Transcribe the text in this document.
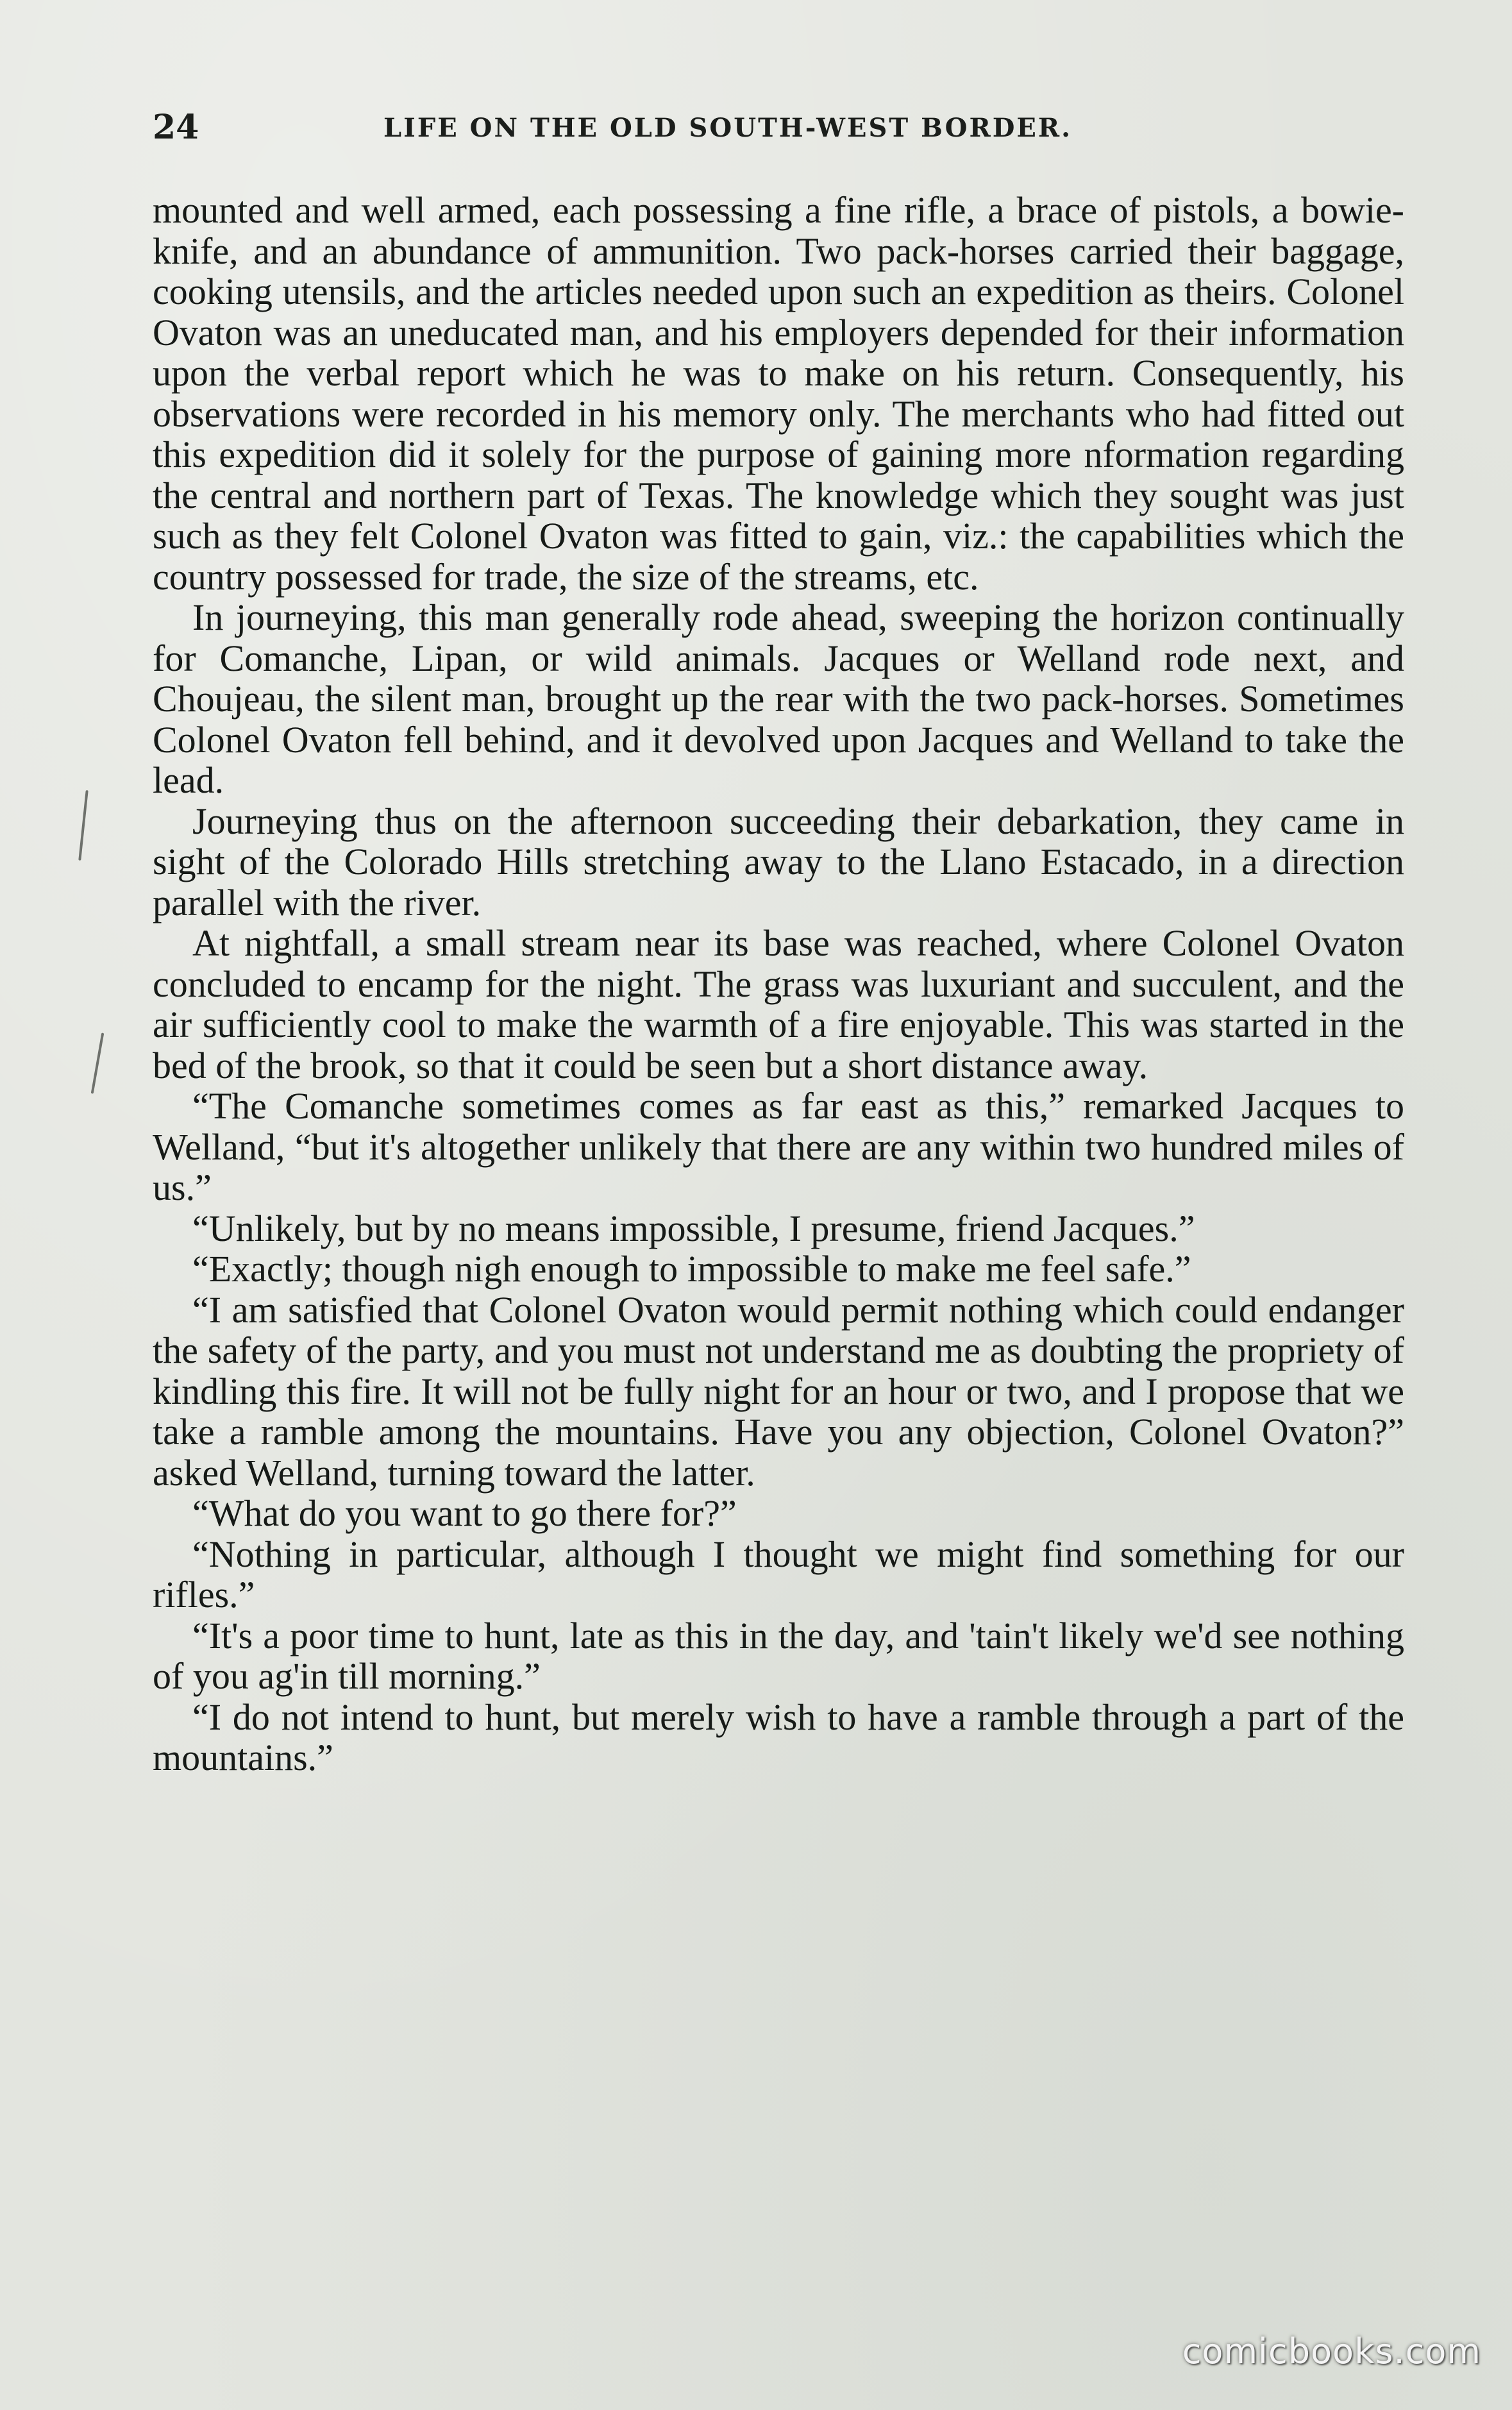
24	LIFE ON THE OLD SOUTH-WEST BORDER.

mounted and well armed, each possessing a fine rifle, a brace of pistols, a bowie-knife, and an abundance of ammunition. Two pack-horses carried their baggage, cooking utensils, and the articles needed upon such an expedition as theirs. Colonel Ovaton was an uneducated man, and his employers depended for their information upon the verbal report which he was to make on his return. Consequently, his observations were recorded in his memory only. The merchants who had fitted out this expedition did it solely for the purpose of gaining more nformation regarding the central and northern part of Texas. The knowledge which they sought was just such as they felt Colonel Ovaton was fitted to gain, viz.: the capabilities which the country possessed for trade, the size of the streams, etc.

In journeying, this man generally rode ahead, sweeping the horizon continually for Comanche, Lipan, or wild animals. Jacques or Welland rode next, and Choujeau, the silent man, brought up the rear with the two pack-horses. Sometimes Colonel Ovaton fell behind, and it devolved upon Jacques and Welland to take the lead.

Journeying thus on the afternoon succeeding their debarkation, they came in sight of the Colorado Hills stretching away to the Llano Estacado, in a direction parallel with the river.

At nightfall, a small stream near its base was reached, where Colonel Ovaton concluded to encamp for the night. The grass was luxuriant and succulent, and the air sufficiently cool to make the warmth of a fire enjoyable. This was started in the bed of the brook, so that it could be seen but a short distance away.

“The Comanche sometimes comes as far east as this,” remarked Jacques to Welland, “but it's altogether unlikely that there are any within two hundred miles of us.”

“Unlikely, but by no means impossible, I presume, friend Jacques.”

“Exactly; though nigh enough to impossible to make me feel safe.”

“I am satisfied that Colonel Ovaton would permit nothing which could endanger the safety of the party, and you must not understand me as doubting the propriety of kindling this fire. It will not be fully night for an hour or two, and I propose that we take a ramble among the mountains. Have you any objection, Colonel Ovaton?” asked Welland, turning toward the latter.

“What do you want to go there for?”

“Nothing in particular, although I thought we might find something for our rifles.”

“It's a poor time to hunt, late as this in the day, and 'tain't likely we'd see nothing of you ag'in till morning.”

“I do not intend to hunt, but merely wish to have a ramble through a part of the mountains.”

comicbooks.com
